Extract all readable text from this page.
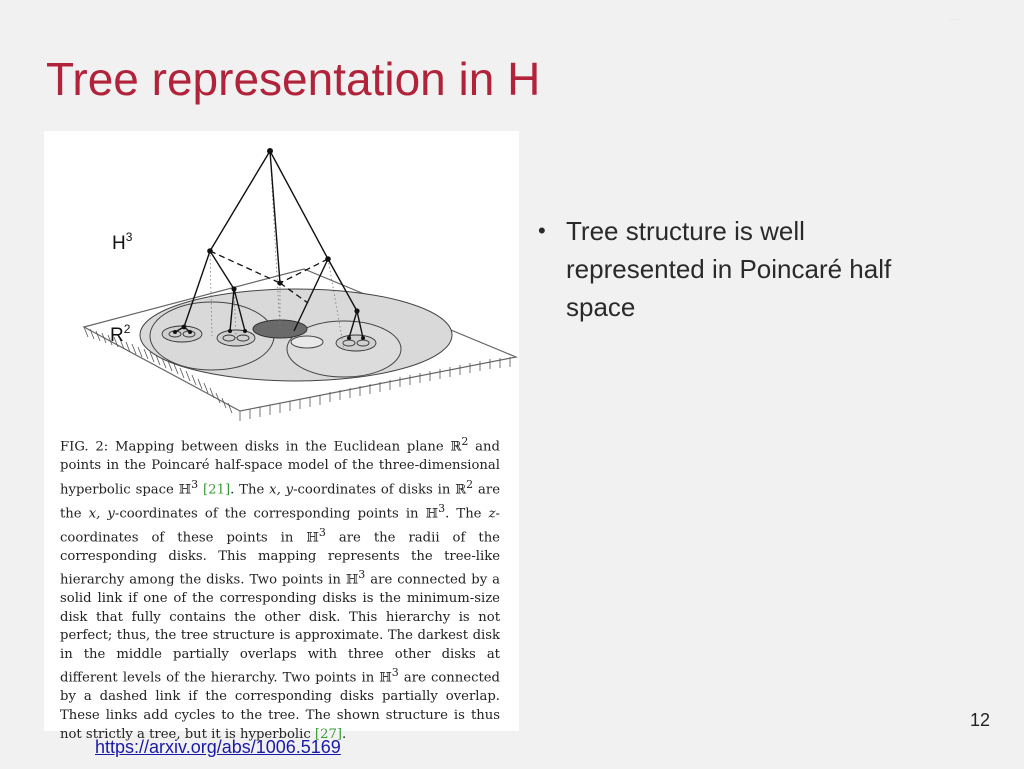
—
Tree representation in H
$H^3$
$R^2$

FIG. 2: Mapping between disks in the Euclidean plane ℝ$^2$ and points in the Poincaré half-space model of the three-dimensional hyperbolic space ℍ$^3$ [21]. The x, y-coordinates of disks in ℝ$^2$ are the x, y-coordinates of the corresponding points in ℍ$^3$. The z-coordinates of these points in ℍ$^3$ are the radii of the corresponding disks. This mapping represents the tree-like hierarchy among the disks. Two points in ℍ$^3$ are connected by a solid link if one of the corresponding disks is the minimum-size disk that fully contains the other disk. This hierarchy is not perfect; thus, the tree structure is approximate. The darkest disk in the middle partially overlaps with three other disks at different levels of the hierarchy. Two points in ℍ$^3$ are connected by a dashed link if the corresponding disks partially overlap. These links add cycles to the tree. The shown structure is thus not strictly a tree, but it is hyperbolic [27].

• Tree structure is well represented in Poincaré half space
12
https://arxiv.org/abs/1006.5169
